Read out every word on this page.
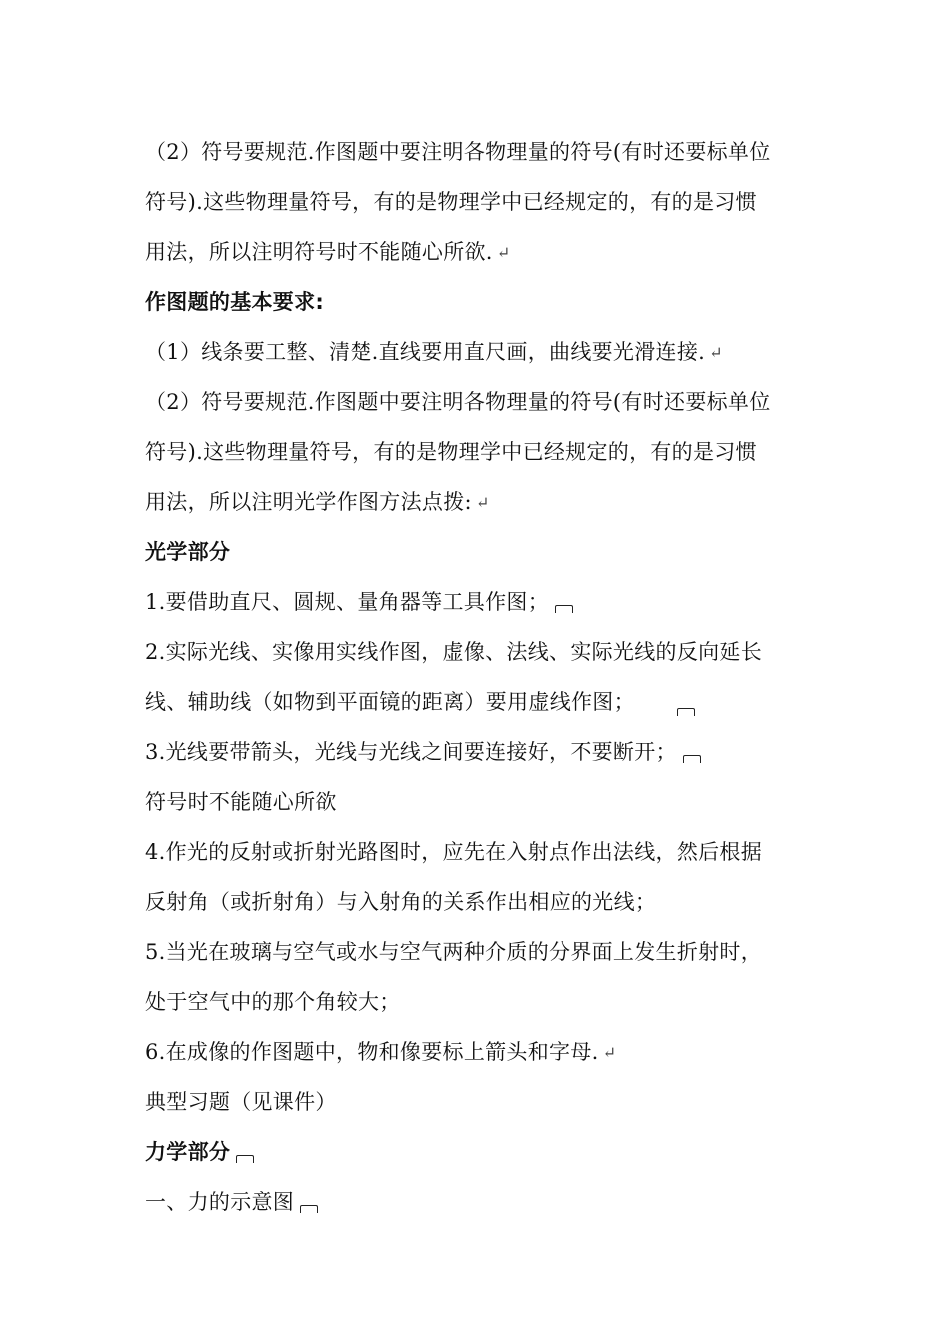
（2）符号要规范.作图题中要注明各物理量的符号(有时还要标单位
符号).这些物理量符号，有的是物理学中已经规定的，有的是习惯
用法，所以注明符号时不能随心所欲. ↵
作图题的基本要求:
（1）线条要工整、清楚.直线要用直尺画，曲线要光滑连接. ↵
（2）符号要规范.作图题中要注明各物理量的符号(有时还要标单位
符号).这些物理量符号，有的是物理学中已经规定的，有的是习惯
用法，所以注明光学作图方法点拨: ↵
光学部分
1.要借助直尺、圆规、量角器等工具作图；
2.实际光线、实像用实线作图，虚像、法线、实际光线的反向延长
线、辅助线（如物到平面镜的距离）要用虚线作图；
3.光线要带箭头，光线与光线之间要连接好，不要断开；
符号时不能随心所欲
4.作光的反射或折射光路图时，应先在入射点作出法线，然后根据
反射角（或折射角）与入射角的关系作出相应的光线；
5.当光在玻璃与空气或水与空气两种介质的分界面上发生折射时，
处于空气中的那个角较大；
6.在成像的作图题中，物和像要标上箭头和字母. ↵
典型习题（见课件）
力学部分
一、力的示意图
